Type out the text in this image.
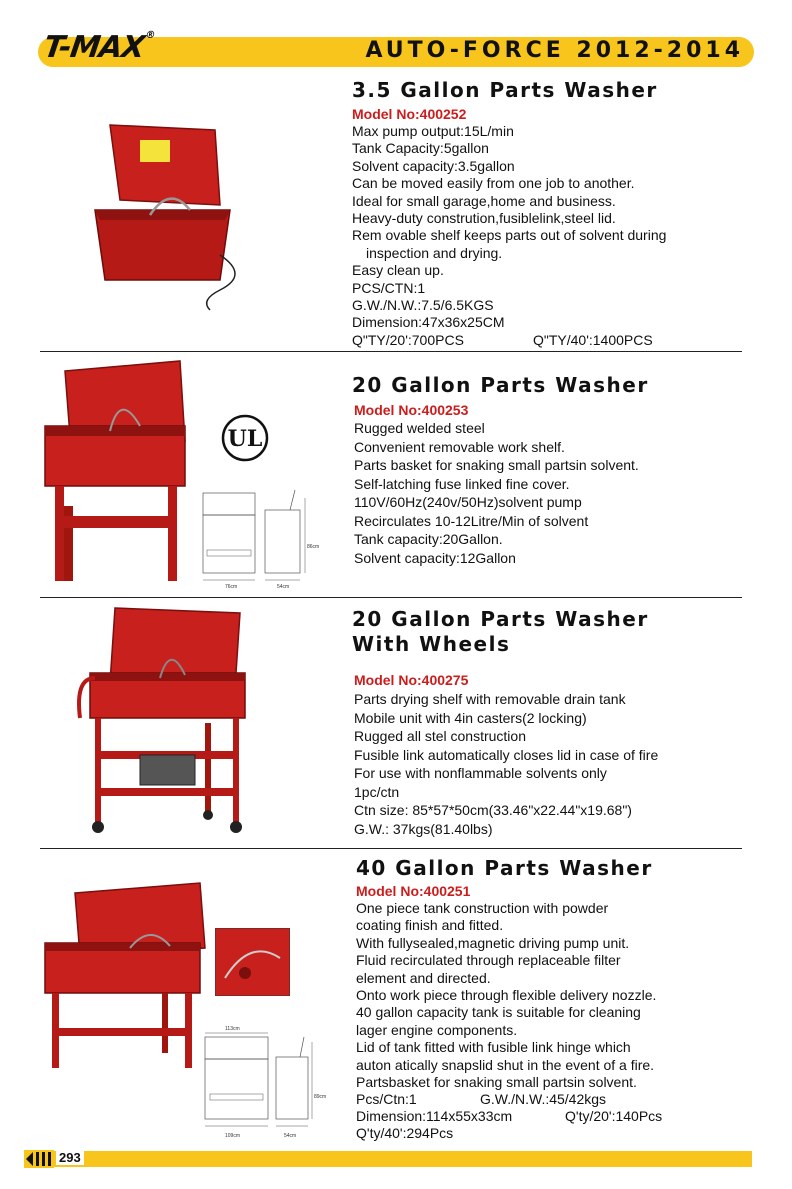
T-MAX®
AUTO-FORCE 2012-2014
3.5 Gallon Parts Washer
Model No:400252
Max pump output:15L/min
Tank Capacity:5gallon
Solvent capacity:3.5gallon
Can be moved easily from one job to another.
Ideal for small garage,home and business.
Heavy-duty constrution,fusiblelink,steel lid.
Rem ovable shelf keeps parts out of solvent during
inspection and drying.
Easy clean up.
PCS/CTN:1
G.W./N.W.:7.5/6.5KGS
Dimension:47x36x25CM
Q"TY/20':700PCS	Q"TY/40':1400PCS
UL
76cm	54cm
86cm
20 Gallon Parts Washer
Model No:400253
Rugged welded steel
Convenient removable work shelf.
Parts basket for snaking small partsin solvent.
Self-latching fuse linked fine cover.
110V/60Hz(240v/50Hz)solvent pump
Recirculates 10-12Litre/Min of solvent
Tank capacity:20Gallon.
Solvent capacity:12Gallon
20 Gallon Parts Washer
With Wheels
Model No:400275
Parts drying shelf with removable drain tank
Mobile unit with 4in casters(2 locking)
Rugged all stel construction
Fusible link automatically closes lid in case of fire
For use with nonflammable solvents only
1pc/ctn
Ctn size: 85*57*50cm(33.46"x22.44"x19.68")
G.W.: 37kgs(81.40lbs)
113cm
109cm	54cm
89cm
40 Gallon Parts Washer
Model No:400251
One piece tank construction with powder
coating finish and fitted.
With fullysealed,magnetic driving pump unit.
Fluid recirculated through replaceable filter
element and directed.
Onto work piece through flexible delivery nozzle.
40 gallon capacity tank is suitable for cleaning
lager engine components.
Lid of tank fitted with fusible link hinge which
auton atically snapslid shut in the event of a fire.
Partsbasket for snaking small partsin solvent.
Pcs/Ctn:1	G.W./N.W.:45/42kgs
Dimension:114x55x33cm	Q'ty/20':140Pcs
Q'ty/40':294Pcs
293
